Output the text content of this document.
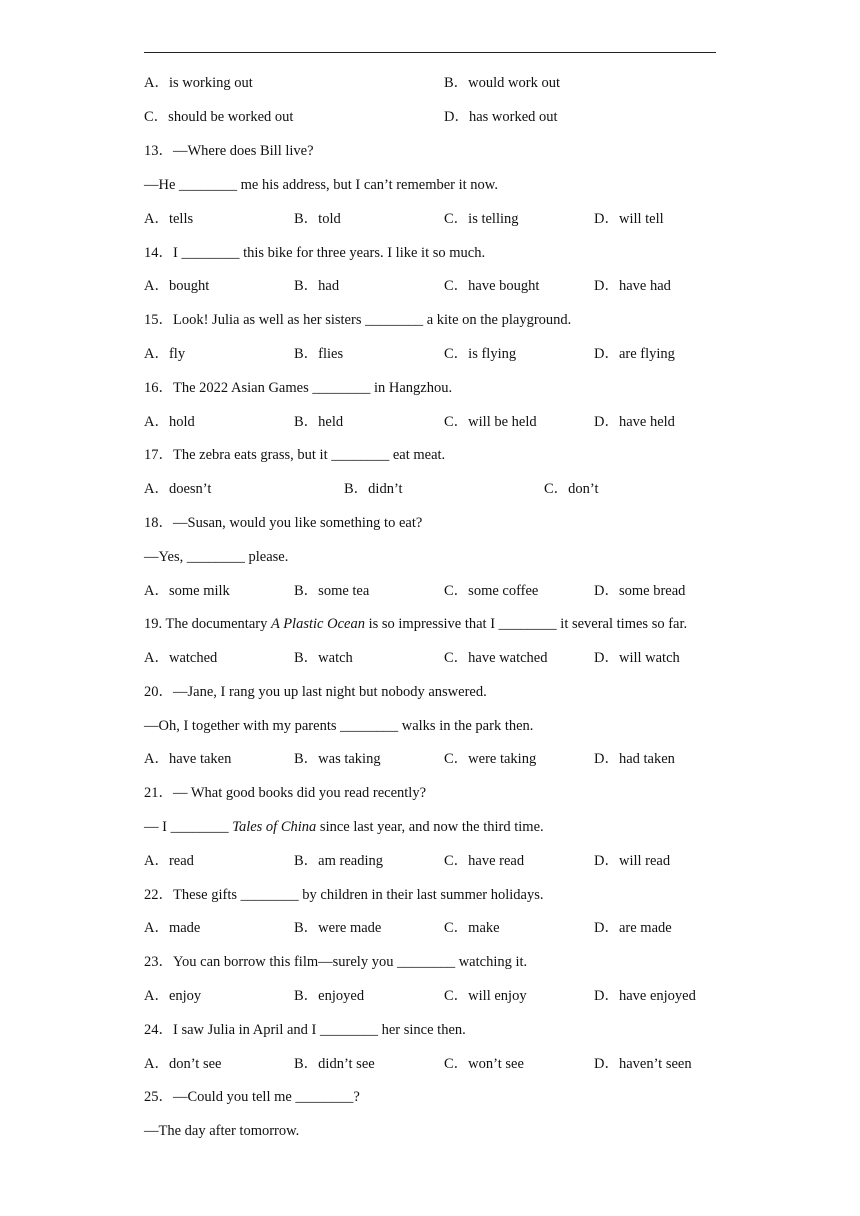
A．is working out	B．would work out
C．should be worked out	D．has worked out
13．—Where does Bill live?
—He ________ me his address, but I can’t remember it now.
A．tells	B．told	C．is telling	D．will tell
14．I ________ this bike for three years. I like it so much.
A．bought	B．had	C．have bought	D．have had
15．Look! Julia as well as her sisters ________ a kite on the playground.
A．fly	B．flies	C．is flying	D．are flying
16．The 2022 Asian Games ________ in Hangzhou.
A．hold	B．held	C．will be held	D．have held
17．The zebra eats grass, but it ________ eat meat.
A．doesn’t	B．didn’t	C．don’t
18．—Susan, would you like something to eat?
—Yes, ________ please.
A．some milk	B．some tea	C．some coffee	D．some bread
19. The documentary A Plastic Ocean is so impressive that I ________ it several times so far.
A．watched	B．watch	C．have watched	D．will watch
20．—Jane, I rang you up last night but nobody answered.
—Oh, I together with my parents ________ walks in the park then.
A．have taken	B．was taking	C．were taking	D．had taken
21．— What good books did you read recently?
— I ________ Tales of China since last year, and now the third time.
A．read	B．am reading	C．have read	D．will read
22．These gifts ________ by children in their last summer holidays.
A．made	B．were made	C．make	D．are made
23．You can borrow this film—surely you ________ watching it.
A．enjoy	B．enjoyed	C．will enjoy	D．have enjoyed
24．I saw Julia in April and I ________ her since then.
A．don’t see	B．didn’t see	C．won’t see	D．haven’t seen
25．—Could you tell me ________?
—The day after tomorrow.
